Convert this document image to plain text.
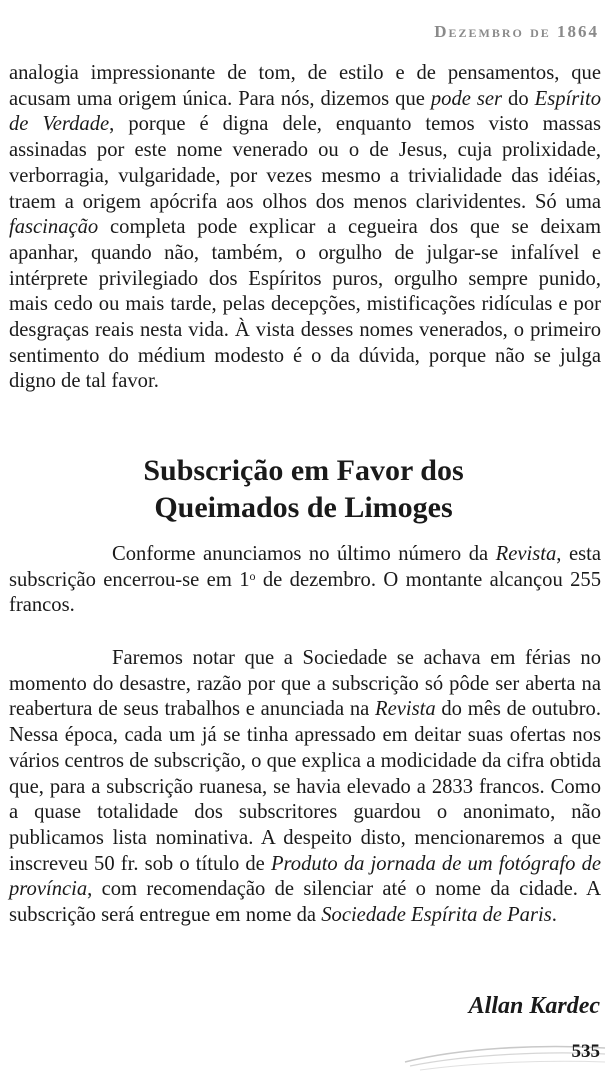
Dezembro de 1864

analogia impressionante de tom, de estilo e de pensamentos, que acusam uma origem única. Para nós, dizemos que pode ser do Espírito de Verdade, porque é digna dele, enquanto temos visto massas assinadas por este nome venerado ou o de Jesus, cuja prolixidade, verborragia, vulgaridade, por vezes mesmo a trivialidade das idéias, traem a origem apócrifa aos olhos dos menos clarividentes. Só uma fascinação completa pode explicar a cegueira dos que se deixam apanhar, quando não, também, o orgulho de julgar-se infalível e intérprete privilegiado dos Espíritos puros, orgulho sempre punido, mais cedo ou mais tarde, pelas decepções, mistificações ridículas e por desgraças reais nesta vida. À vista desses nomes venerados, o primeiro sentimento do médium modesto é o da dúvida, porque não se julga digno de tal favor.

Subscrição em Favor dos
Queimados de Limoges

Conforme anunciamos no último número da Revista, esta subscrição encerrou-se em 1$^o$ de dezembro. O montante alcançou 255 francos.

Faremos notar que a Sociedade se achava em férias no momento do desastre, razão por que a subscrição só pôde ser aberta na reabertura de seus trabalhos e anunciada na Revista do mês de outubro. Nessa época, cada um já se tinha apressado em deitar suas ofertas nos vários centros de subscrição, o que explica a modicidade da cifra obtida que, para a subscrição ruanesa, se havia elevado a 2833 francos. Como a quase totalidade dos subscritores guardou o anonimato, não publicamos lista nominativa. A despeito disto, mencionaremos a que inscreveu 50 fr. sob o título de Produto da jornada de um fotógrafo de província, com recomendação de silenciar até o nome da cidade. A subscrição será entregue em nome da Sociedade Espírita de Paris.

Allan Kardec
535
